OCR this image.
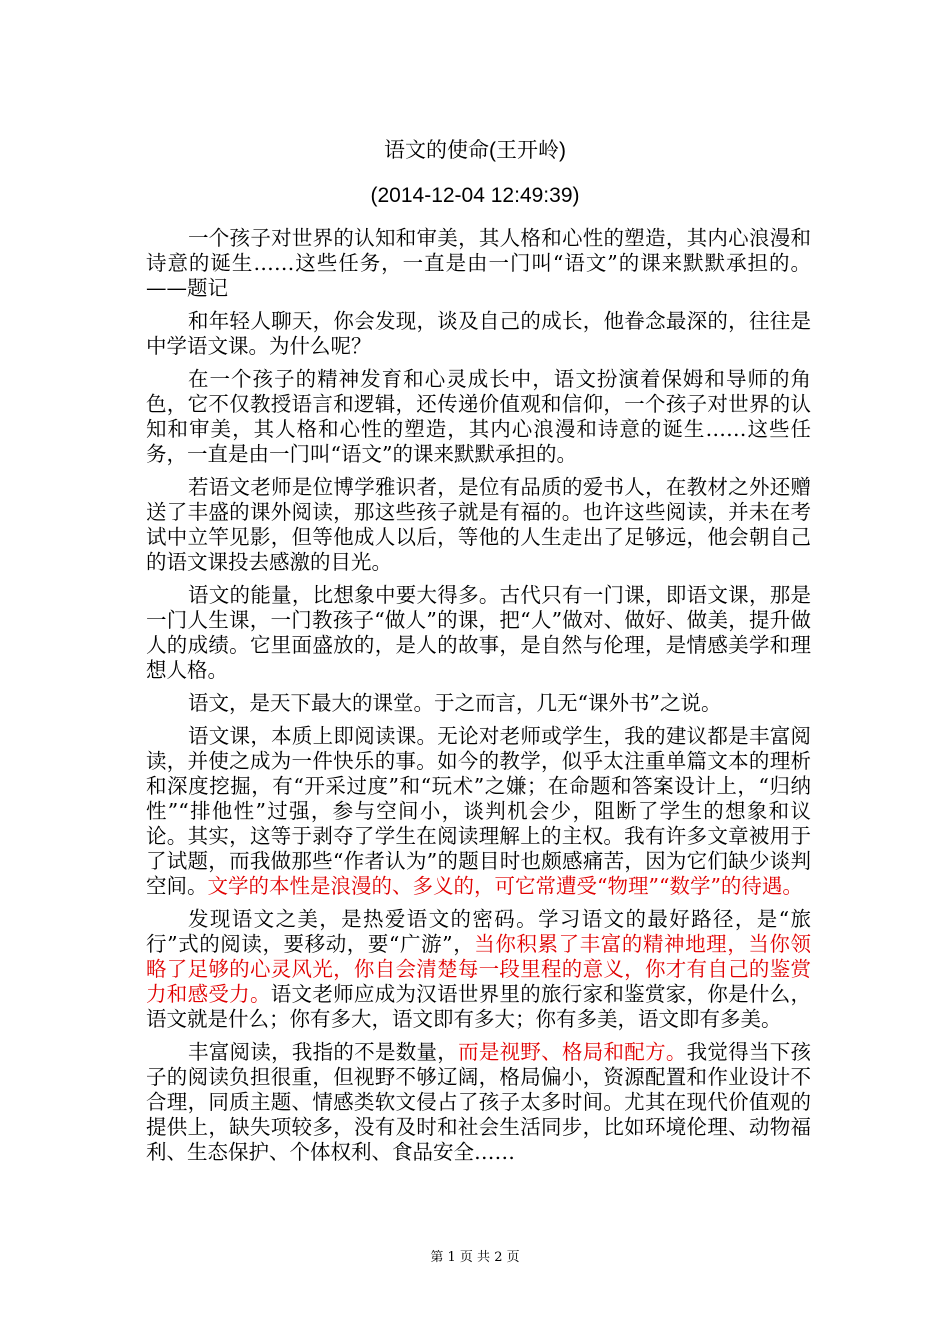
语文的使命(王开岭)
(2014-12-04 12:49:39)

一个孩子对世界的认知和审美，其人格和心性的塑造，其内心浪漫和诗意的诞生……这些任务，一直是由一门叫“语文”的课来默默承担的。——题记

和年轻人聊天，你会发现，谈及自己的成长，他眷念最深的，往往是中学语文课。为什么呢？

在一个孩子的精神发育和心灵成长中，语文扮演着保姆和导师的角色，它不仅教授语言和逻辑，还传递价值观和信仰，一个孩子对世界的认知和审美，其人格和心性的塑造，其内心浪漫和诗意的诞生……这些任务，一直是由一门叫“语文”的课来默默承担的。

若语文老师是位博学雅识者，是位有品质的爱书人，在教材之外还赠送了丰盛的课外阅读，那这些孩子就是有福的。也许这些阅读，并未在考试中立竿见影，但等他成人以后，等他的人生走出了足够远，他会朝自己的语文课投去感激的目光。

语文的能量，比想象中要大得多。古代只有一门课，即语文课，那是一门人生课，一门教孩子“做人”的课，把“人”做对、做好、做美，提升做人的成绩。它里面盛放的，是人的故事，是自然与伦理，是情感美学和理想人格。

语文，是天下最大的课堂。于之而言，几无“课外书”之说。

语文课，本质上即阅读课。无论对老师或学生，我的建议都是丰富阅读，并使之成为一件快乐的事。如今的教学，似乎太注重单篇文本的理析和深度挖掘，有“开采过度”和“玩术”之嫌；在命题和答案设计上，“归纳性”“排他性”过强，参与空间小，谈判机会少，阻断了学生的想象和议论。其实，这等于剥夺了学生在阅读理解上的主权。我有许多文章被用于了试题，而我做那些“作者认为”的题目时也颇感痛苦，因为它们缺少谈判空间。文学的本性是浪漫的、多义的，可它常遭受“物理”“数学”的待遇。

发现语文之美，是热爱语文的密码。学习语文的最好路径，是“旅行”式的阅读，要移动，要“广游”，当你积累了丰富的精神地理，当你领略了足够的心灵风光，你自会清楚每一段里程的意义，你才有自己的鉴赏力和感受力。语文老师应成为汉语世界里的旅行家和鉴赏家，你是什么，语文就是什么；你有多大，语文即有多大；你有多美，语文即有多美。

丰富阅读，我指的不是数量，而是视野、格局和配方。我觉得当下孩子的阅读负担很重，但视野不够辽阔，格局偏小，资源配置和作业设计不合理，同质主题、情感类软文侵占了孩子太多时间。尤其在现代价值观的提供上，缺失项较多，没有及时和社会生活同步，比如环境伦理、动物福利、生态保护、个体权利、食品安全……

第 1 页 共 2 页
